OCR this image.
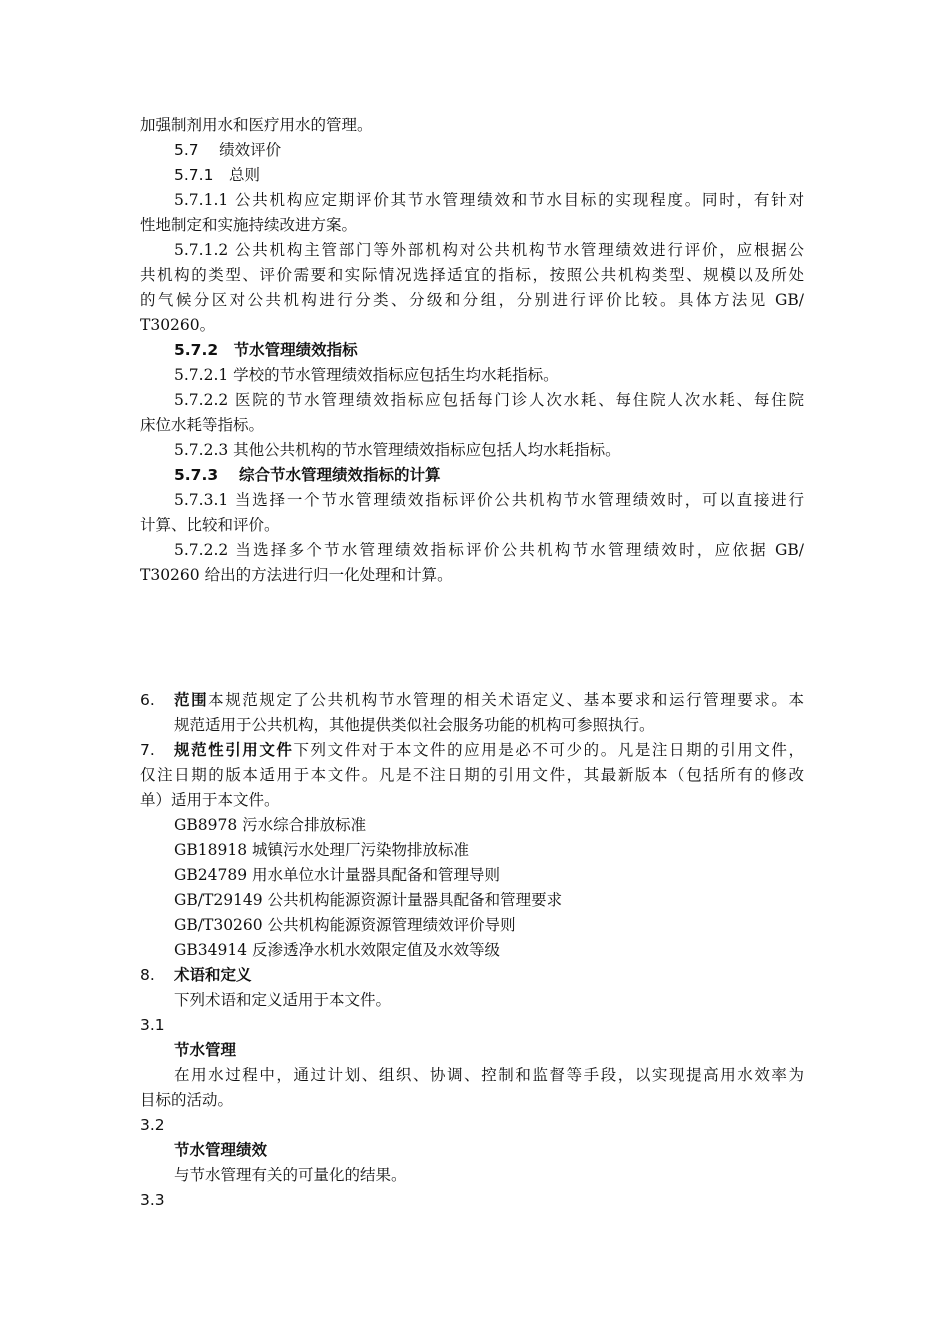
加强制剂用水和医疗用水的管理。
5.7　 绩效评价
5.7.1　总则
5.7.1.1 公共机构应定期评价其节水管理绩效和节水目标的实现程度。同时，有针对
性地制定和实施持续改进方案。
5.7.1.2 公共机构主管部门等外部机构对公共机构节水管理绩效进行评价，应根据公
共机构的类型、评价需要和实际情况选择适宜的指标，按照公共机构类型、规模以及所处
的气候分区对公共机构进行分类、分级和分组，分别进行评价比较。具体方法见 GB/
T30260。
5.7.2　节水管理绩效指标
5.7.2.1 学校的节水管理绩效指标应包括生均水耗指标。
5.7.2.2 医院的节水管理绩效指标应包括每门诊人次水耗、每住院人次水耗、每住院
床位水耗等指标。
5.7.2.3 其他公共机构的节水管理绩效指标应包括人均水耗指标。
5.7.3　 综合节水管理绩效指标的计算
5.7.3.1 当选择一个节水管理绩效指标评价公共机构节水管理绩效时，可以直接进行
计算、比较和评价。
5.7.2.2 当选择多个节水管理绩效指标评价公共机构节水管理绩效时，应依据 GB/
T30260 给出的方法进行归一化处理和计算。
6. 范围本规范规定了公共机构节水管理的相关术语定义、基本要求和运行管理要求。本
规范适用于公共机构，其他提供类似社会服务功能的机构可参照执行。
7. 规范性引用文件下列文件对于本文件的应用是必不可少的。凡是注日期的引用文件，
仅注日期的版本适用于本文件。凡是不注日期的引用文件，其最新版本（包括所有的修改
单）适用于本文件。
GB8978 污水综合排放标准
GB18918 城镇污水处理厂污染物排放标准
GB24789 用水单位水计量器具配备和管理导则
GB/T29149 公共机构能源资源计量器具配备和管理要求
GB/T30260 公共机构能源资源管理绩效评价导则
GB34914 反渗透净水机水效限定值及水效等级
8. 术语和定义
下列术语和定义适用于本文件。
3.1
节水管理
在用水过程中，通过计划、组织、协调、控制和监督等手段，以实现提高用水效率为
目标的活动。
3.2
节水管理绩效
与节水管理有关的可量化的结果。
3.3
